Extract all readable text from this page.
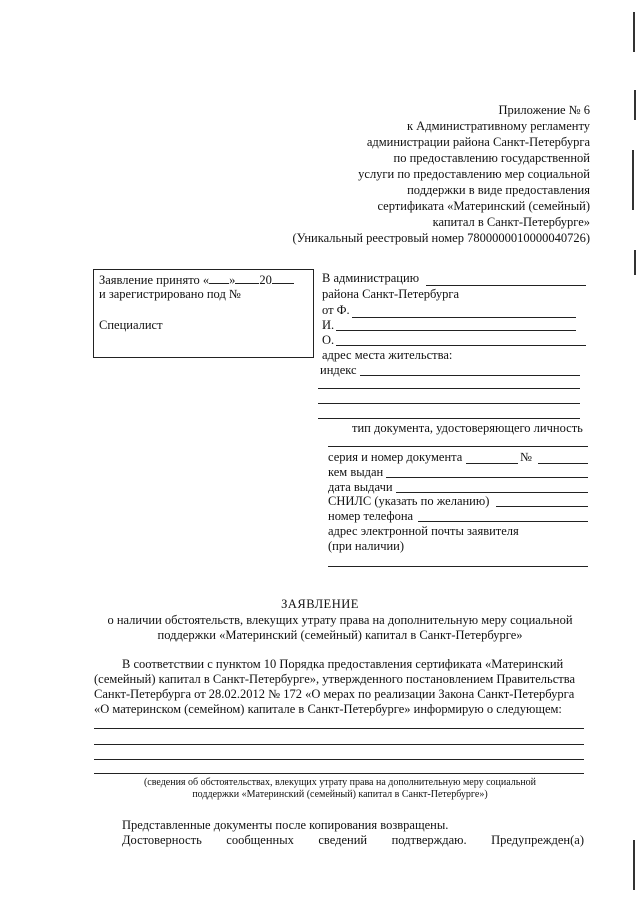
Приложение № 6
к Административному регламенту
администрации района Санкт-Петербурга
по предоставлению государственной
услуги по предоставлению мер социальной
поддержки в виде предоставления
сертификата «Материнский (семейный)
капитал в Санкт-Петербурге»
(Уникальный реестровый номер 7800000010000040726)
Заявление принято « » 20
и зарегистрировано под №
Специалист
В администрацию
района Санкт-Петербурга
от Ф.
И.
О.
адрес места жительства:
индекс
тип документа, удостоверяющего личность
серия и номер документа	№
кем выдан
дата выдачи
СНИЛС (указать по желанию)
номер телефона
адрес электронной почты заявителя
(при наличии)
ЗАЯВЛЕНИЕ
о наличии обстоятельств, влекущих утрату права на дополнительную меру социальной
поддержки «Материнский (семейный) капитал в Санкт-Петербурге»
В соответствии с пунктом 10 Порядка предоставления сертификата «Материнский
(семейный) капитал в Санкт-Петербурге», утвержденного постановлением Правительства
Санкт-Петербурга от 28.02.2012 № 172 «О мерах по реализации Закона Санкт-Петербурга
«О материнском (семейном) капитале в Санкт-Петербурге» информирую о следующем:
(сведения об обстоятельствах, влекущих утрату права на дополнительную меру социальной
поддержки «Материнский (семейный) капитал в Санкт-Петербурге»)
Представленные документы после копирования возвращены.
Достоверность сообщенных сведений подтверждаю. Предупрежден(а)
